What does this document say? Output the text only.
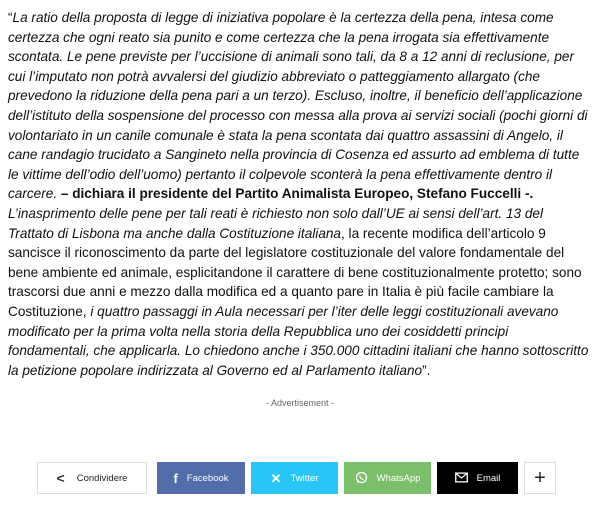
“La ratio della proposta di legge di iniziativa popolare è la certezza della pena, intesa come certezza che ogni reato sia punito e come certezza che la pena irrogata sia effettivamente scontata. Le pene previste per l’uccisione di animali sono tali, da 8 a 12 anni di reclusione, per cui l’imputato non potrà avvalersi del giudizio abbreviato o patteggiamento allargato (che prevedono la riduzione della pena pari a un terzo). Escluso, inoltre, il beneficio dell’applicazione dell’istituto della sospensione del processo con messa alla prova ai servizi sociali (pochi giorni di volontariato in un canile comunale è stata la pena scontata dai quattro assassini di Angelo, il cane randagio trucidato a Sangineto nella provincia di Cosenza ed assurto ad emblema di tutte le vittime dell’odio dell’uomo) pertanto il colpevole sconterà la pena effettivamente dentro il carcere. – dichiara il presidente del Partito Animalista Europeo, Stefano Fuccelli -.
L’inasprimento delle pene per tali reati è richiesto non solo dall’UE ai sensi dell’art. 13 del Trattato di Lisbona ma anche dalla Costituzione italiana, la recente modifica dell’articolo 9 sancisce il riconoscimento da parte del legislatore costituzionale del valore fondamentale del bene ambiente ed animale, esplicitandone il carattere di bene costituzionalmente protetto; sono trascorsi due anni e mezzo dalla modifica ed a quanto pare in Italia è più facile cambiare la Costituzione, i quattro passaggi in Aula necessari per l’iter delle leggi costituzionali avevano modificato per la prima volta nella storia della Repubblica uno dei cosiddetti principi fondamentali, che applicarla. Lo chiedono anche i 350.000 cittadini italiani che hanno sottoscritto la petizione popolare indirizzata al Governo ed al Parlamento italiano”.

- Advertisement -
< Condividere	f Facebook	✕ Twitter	WhatsApp	Email +
